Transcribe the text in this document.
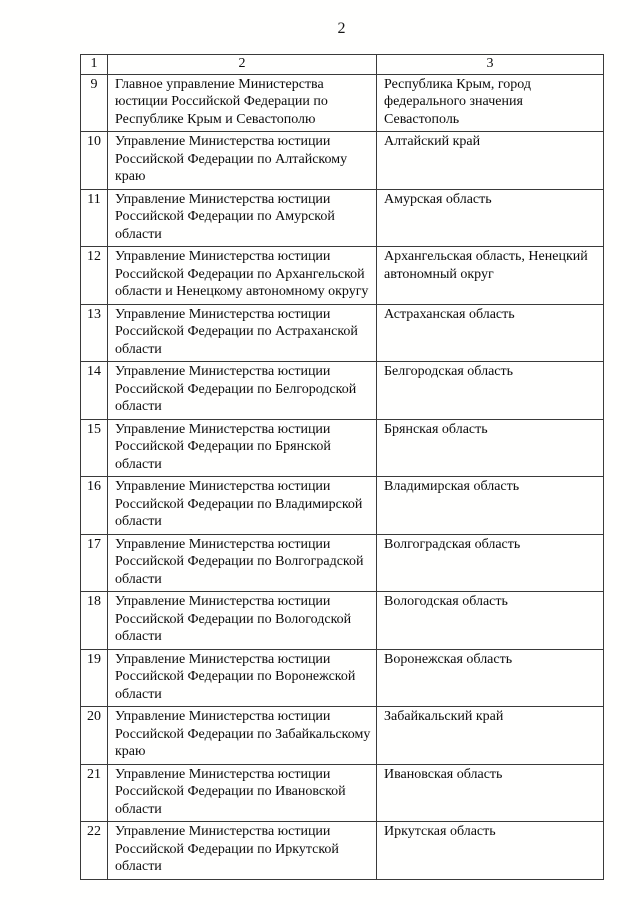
2
1	2	3
9	Главное управление Министерства юстиции Российской Федерации по Республике Крым и Севастополю	Республика Крым, город федерального значения Севастополь
10	Управление Министерства юстиции Российской Федерации по Алтайскому краю	Алтайский край
11	Управление Министерства юстиции Российской Федерации по Амурской области	Амурская область
12	Управление Министерства юстиции Российской Федерации по Архангельской области и Ненецкому автономному округу	Архангельская область, Ненецкий автономный округ
13	Управление Министерства юстиции Российской Федерации по Астраханской области	Астраханская область
14	Управление Министерства юстиции Российской Федерации по Белгородской области	Белгородская область
15	Управление Министерства юстиции Российской Федерации по Брянской области	Брянская область
16	Управление Министерства юстиции Российской Федерации по Владимирской области	Владимирская область
17	Управление Министерства юстиции Российской Федерации по Волгоградской области	Волгоградская область
18	Управление Министерства юстиции Российской Федерации по Вологодской области	Вологодская область
19	Управление Министерства юстиции Российской Федерации по Воронежской области	Воронежская область
20	Управление Министерства юстиции Российской Федерации по Забайкальскому краю	Забайкальский край
21	Управление Министерства юстиции Российской Федерации по Ивановской области	Ивановская область
22	Управление Министерства юстиции Российской Федерации по Иркутской области	Иркутская область
